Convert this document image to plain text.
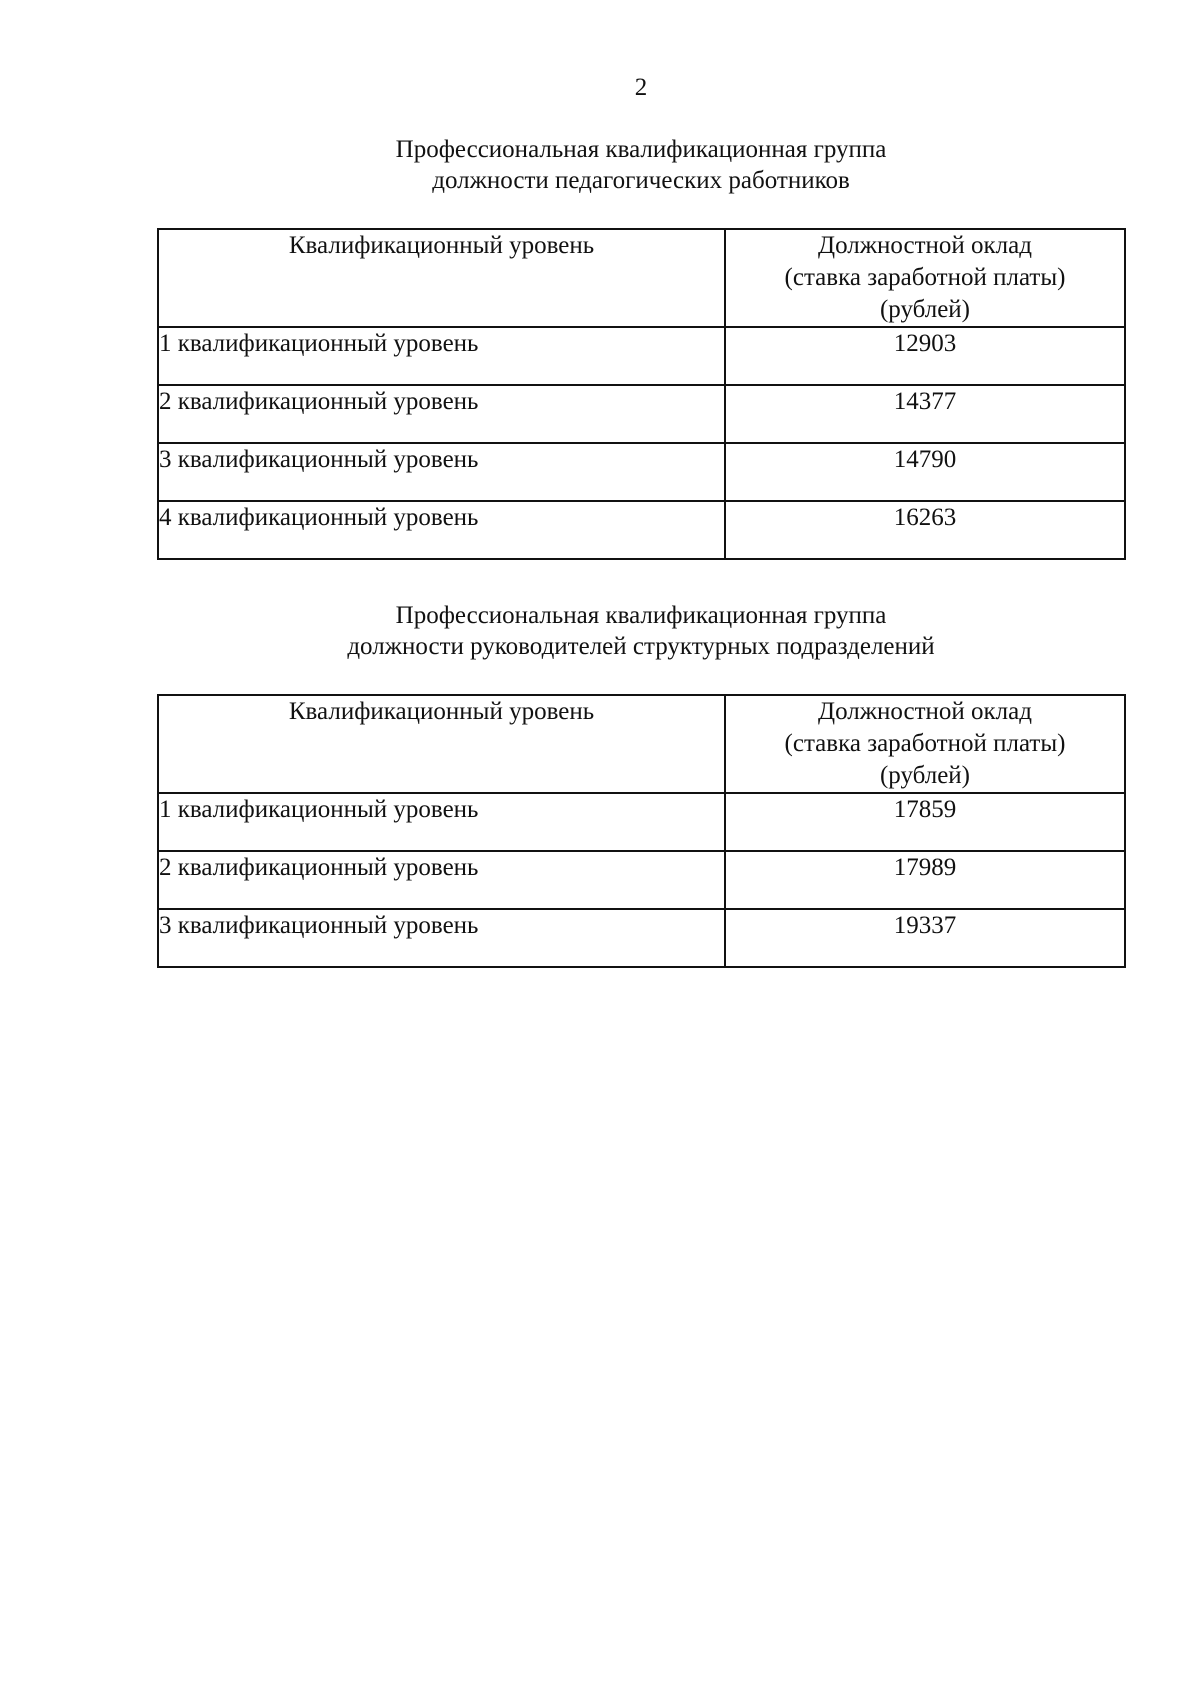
2
Профессиональная квалификационная группа
должности педагогических работников
Квалификационный уровень	Должностной оклад
(ставка заработной платы)
(рублей)

1 квалификационный уровень	12903
2 квалификационный уровень	14377
3 квалификационный уровень	14790
4 квалификационный уровень	16263
Профессиональная квалификационная группа
должности руководителей структурных подразделений
Квалификационный уровень	Должностной оклад
(ставка заработной платы)
(рублей)

1 квалификационный уровень	17859
2 квалификационный уровень	17989
3 квалификационный уровень	19337
